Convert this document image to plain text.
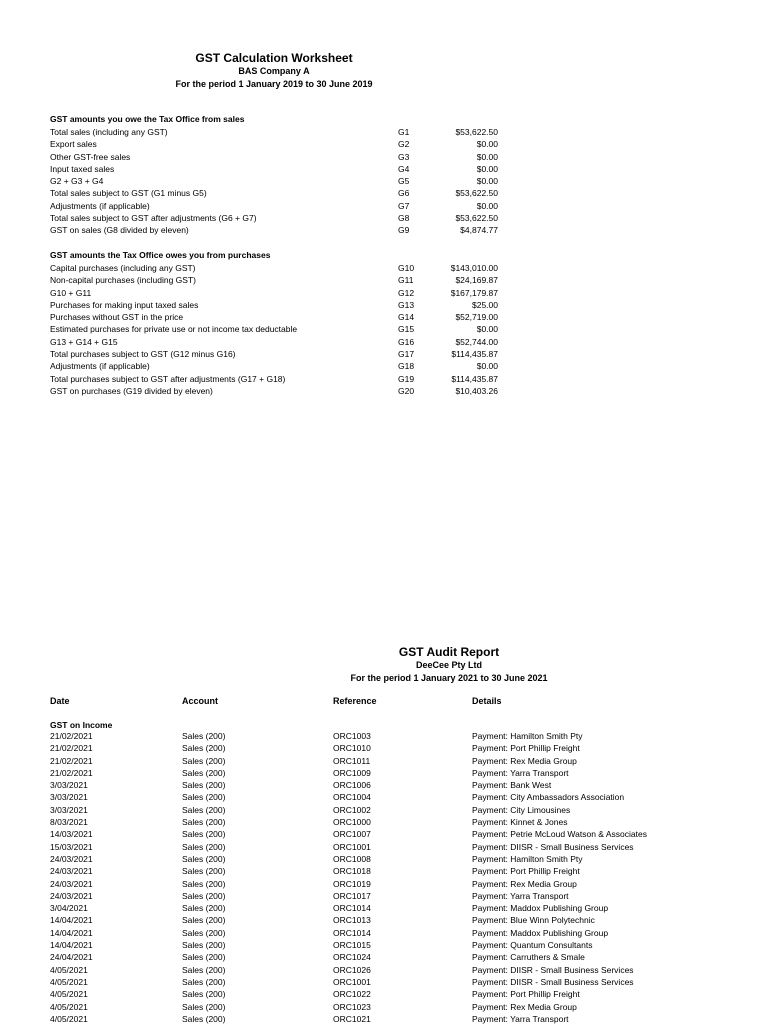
GST Calculation Worksheet
BAS Company A
For the period 1 January 2019 to 30 June 2019
GST amounts you owe the Tax Office from sales
Total sales (including any GST)	G1	$53,622.50
Export sales	G2	$0.00
Other GST-free sales	G3	$0.00
Input taxed sales	G4	$0.00
G2 + G3 + G4	G5	$0.00
Total sales subject to GST (G1 minus G5)	G6	$53,622.50
Adjustments (if applicable)	G7	$0.00
Total sales subject to GST after adjustments (G6 + G7)	G8	$53,622.50
GST on sales (G8 divided by eleven)	G9	$4,874.77
GST amounts the Tax Office owes you from purchases
Capital purchases (including any GST)	G10	$143,010.00
Non-capital purchases (including GST)	G11	$24,169.87
G10 + G11	G12	$167,179.87
Purchases for making input taxed sales	G13	$25.00
Purchases without GST in the price	G14	$52,719.00
Estimated purchases for private use or not income tax deductable	G15	$0.00
G13 + G14 + G15	G16	$52,744.00
Total purchases subject to GST (G12 minus G16)	G17	$114,435.87
Adjustments (if applicable)	G18	$0.00
Total purchases subject to GST after adjustments (G17 + G18)	G19	$114,435.87
GST on purchases (G19 divided by eleven)	G20	$10,403.26
GST Audit Report
DeeCee Pty Ltd
For the period 1 January 2021 to 30 June 2021
Date	Account	Reference	Details
GST on Income
21/02/2021	Sales (200)	ORC1003	Payment: Hamilton Smith Pty
21/02/2021	Sales (200)	ORC1010	Payment: Port Phillip Freight
21/02/2021	Sales (200)	ORC1011	Payment: Rex Media Group
21/02/2021	Sales (200)	ORC1009	Payment: Yarra Transport
3/03/2021	Sales (200)	ORC1006	Payment: Bank West
3/03/2021	Sales (200)	ORC1004	Payment: City Ambassadors Association
3/03/2021	Sales (200)	ORC1002	Payment: City Limousines
8/03/2021	Sales (200)	ORC1000	Payment: Kinnet & Jones
14/03/2021	Sales (200)	ORC1007	Payment: Petrie McLoud Watson & Associates
15/03/2021	Sales (200)	ORC1001	Payment: DIISR - Small Business Services
24/03/2021	Sales (200)	ORC1008	Payment: Hamilton Smith Pty
24/03/2021	Sales (200)	ORC1018	Payment: Port Phillip Freight
24/03/2021	Sales (200)	ORC1019	Payment: Rex Media Group
24/03/2021	Sales (200)	ORC1017	Payment: Yarra Transport
3/04/2021	Sales (200)	ORC1014	Payment: Maddox Publishing Group
14/04/2021	Sales (200)	ORC1013	Payment: Blue Winn Polytechnic
14/04/2021	Sales (200)	ORC1014	Payment: Maddox Publishing Group
14/04/2021	Sales (200)	ORC1015	Payment: Quantum Consultants
24/04/2021	Sales (200)	ORC1024	Payment: Carruthers & Smale
4/05/2021	Sales (200)	ORC1026	Payment: DIISR - Small Business Services
4/05/2021	Sales (200)	ORC1001	Payment: DIISR - Small Business Services
4/05/2021	Sales (200)	ORC1022	Payment: Port Phillip Freight
4/05/2021	Sales (200)	ORC1023	Payment: Rex Media Group
4/05/2021	Sales (200)	ORC1021	Payment: Yarra Transport
